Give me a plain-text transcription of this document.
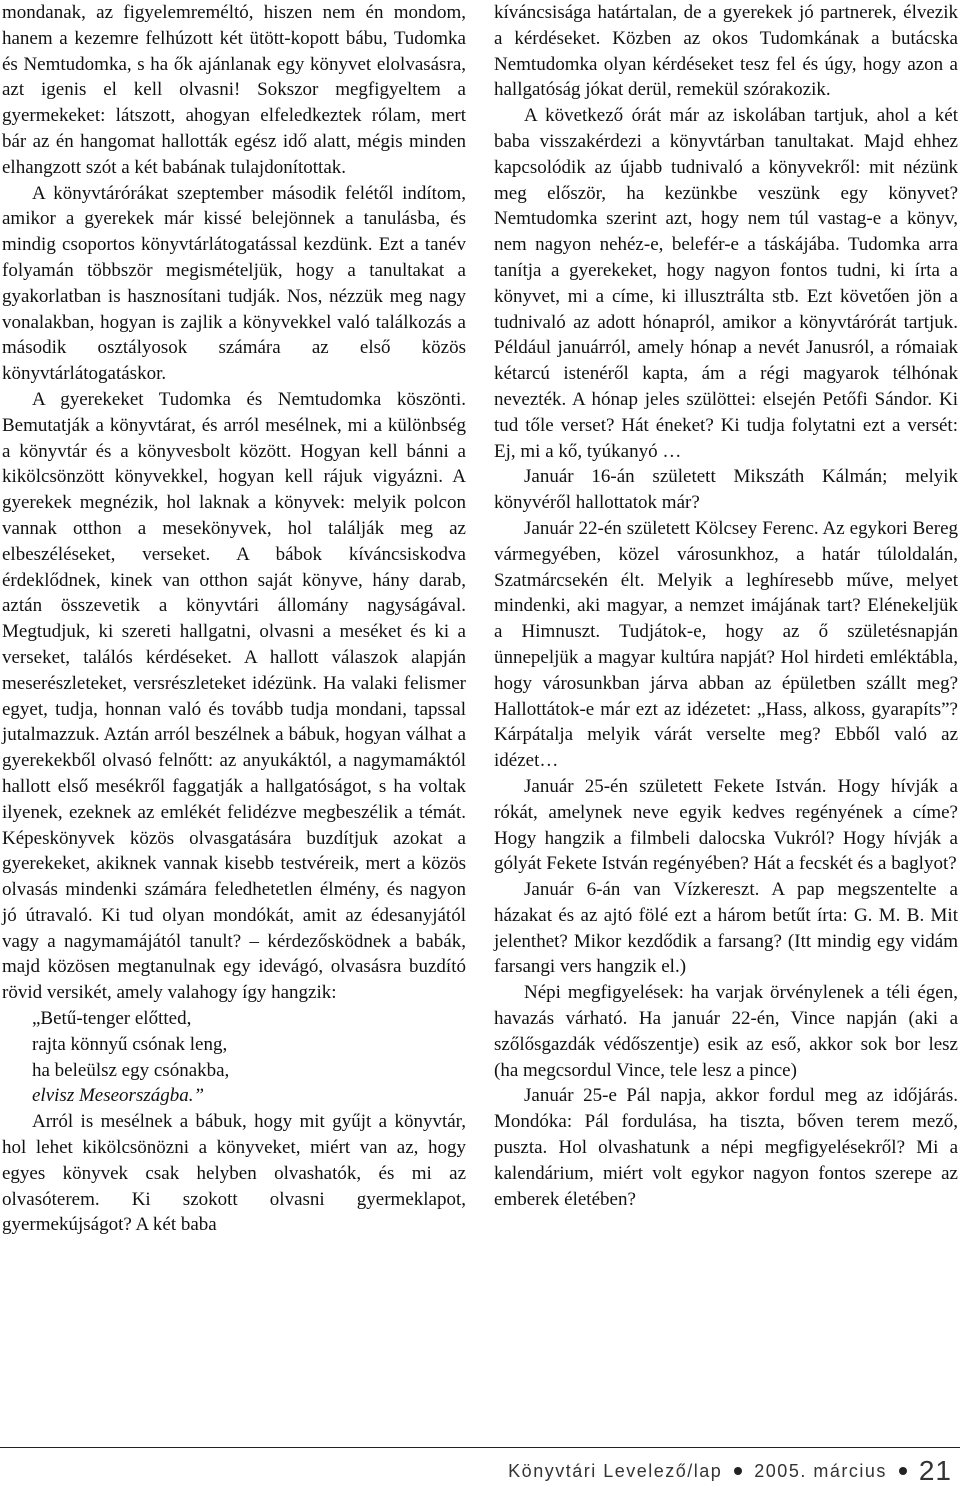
mondanak, az figyelemreméltó, hiszen nem én mondom, hanem a kezemre felhúzott két ütött-kopott bábu, Tudomka és Nemtudomka, s ha ők ajánlanak egy könyvet elolvasásra, azt igenis el kell olvasni! Sokszor megfigyeltem a gyermekeket: látszott, ahogyan elfeledkeztek rólam, mert bár az én hangomat hallották egész idő alatt, mégis minden elhangzott szót a két babának tulajdonítottak.

A könyvtárórákat szeptember második felétől indítom, amikor a gyerekek már kissé belejönnek a tanulásba, és mindig csoportos könyvtárlátogatással kezdünk. Ezt a tanév folyamán többször megismételjük, hogy a tanultakat a gyakorlatban is hasznosítani tudják. Nos, nézzük meg nagy vonalakban, hogyan is zajlik a könyvekkel való találkozás a második osztályosok számára az első közös könyvtárlátogatáskor.

A gyerekeket Tudomka és Nemtudomka köszönti. Bemutatják a könyvtárat, és arról mesélnek, mi a különbség a könyvtár és a könyvesbolt között. Hogyan kell bánni a kikölcsönzött könyvekkel, hogyan kell rájuk vigyázni. A gyerekek megnézik, hol laknak a könyvek: melyik polcon vannak otthon a mesekönyvek, hol találják meg az elbeszéléseket, verseket. A bábok kíváncsiskodva érdeklődnek, kinek van otthon saját könyve, hány darab, aztán összevetik a könyvtári állomány nagyságával. Megtudjuk, ki szereti hallgatni, olvasni a meséket és ki a verseket, találós kérdéseket. A hallott válaszok alapján meserészleteket, versrészleteket idézünk. Ha valaki felismer egyet, tudja, honnan való és tovább tudja mondani, tapssal jutalmazzuk. Aztán arról beszélnek a bábuk, hogyan válhat a gyerekekből olvasó felnőtt: az anyukáktól, a nagymamáktól hallott első mesékről faggatják a hallgatóságot, s ha voltak ilyenek, ezeknek az emlékét felidézve megbeszélik a témát. Képeskönyvek közös olvasgatására buzdítjuk azokat a gyerekeket, akiknek vannak kisebb testvéreik, mert a közös olvasás mindenki számára feledhetetlen élmény, és nagyon jó útravaló. Ki tud olyan mondókát, amit az édesanyjától vagy a nagymamájától tanult? – kérdezősködnek a babák, majd közösen megtanulnak egy idevágó, olvasásra buzdító rövid versikét, amely valahogy így hangzik:

„Betű-tenger előtted,
rajta könnyű csónak leng,
ha beleülsz egy csónakba,
elvisz Meseországba.”

Arról is mesélnek a bábuk, hogy mit gyűjt a könyvtár, hol lehet kikölcsönözni a könyveket, miért van az, hogy egyes könyvek csak helyben olvashatók, és mi az olvasóterem. Ki szokott olvasni gyermeklapot, gyermekújságot? A két baba

kíváncsisága határtalan, de a gyerekek jó partnerek, élvezik a kérdéseket. Közben az okos Tudomkának a butácska Nemtudomka olyan kérdéseket tesz fel és úgy, hogy azon a hallgatóság jókat derül, remekül szórakozik.

A következő órát már az iskolában tartjuk, ahol a két baba visszakérdezi a könyvtárban tanultakat. Majd ehhez kapcsolódik az újabb tudnivaló a könyvekről: mit nézünk meg először, ha kezünkbe veszünk egy könyvet? Nemtudomka szerint azt, hogy nem túl vastag-e a könyv, nem nagyon nehéz-e, belefér-e a táskájába. Tudomka arra tanítja a gyerekeket, hogy nagyon fontos tudni, ki írta a könyvet, mi a címe, ki illusztrálta stb. Ezt követően jön a tudnivaló az adott hónapról, amikor a könyvtárórát tartjuk. Például januárról, amely hónap a nevét Janusról, a rómaiak kétarcú istenéről kapta, ám a régi magyarok télhónak nevezték. A hónap jeles szülöttei: elsején Petőfi Sándor. Ki tud tőle verset? Hát éneket? Ki tudja folytatni ezt a versét: Ej, mi a kő, tyúkanyó …

Január 16-án született Mikszáth Kálmán; melyik könyvéről hallottatok már?

Január 22-én született Kölcsey Ferenc. Az egykori Bereg vármegyében, közel városunkhoz, a határ túloldalán, Szatmárcsekén élt. Melyik a leghíresebb műve, melyet mindenki, aki magyar, a nemzet imájának tart? Elénekeljük a Himnuszt. Tudjátok-e, hogy az ő születésnapján ünnepeljük a magyar kultúra napját? Hol hirdeti emléktábla, hogy városunkban járva abban az épületben szállt meg? Hallottátok-e már ezt az idézetet: „Hass, alkoss, gyarapíts”? Kárpátalja melyik várát verselte meg? Ebből való az idézet…

Január 25-én született Fekete István. Hogy hívják a rókát, amelynek neve egyik kedves regényének a címe? Hogy hangzik a filmbeli dalocska Vukról? Hogy hívják a gólyát Fekete István regényében? Hát a fecskét és a baglyot?

Január 6-án van Vízkereszt. A pap megszentelte a házakat és az ajtó fölé ezt a három betűt írta: G. M. B. Mit jelenthet? Mikor kezdődik a farsang? (Itt mindig egy vidám farsangi vers hangzik el.)

Népi megfigyelések: ha varjak örvénylenek a téli égen, havazás várható. Ha január 22-én, Vince napján (aki a szőlősgazdák védőszentje) esik az eső, akkor sok bor lesz (ha megcsordul Vince, tele lesz a pince)

Január 25-e Pál napja, akkor fordul meg az időjárás. Mondóka: Pál fordulása, ha tiszta, bőven terem mező, puszta. Hol olvashatunk a népi megfigyelésekről? Mi a kalendárium, miért volt egykor nagyon fontos szerepe az emberek életében?

Könyvtári Levelező/lap 2005. március 21
